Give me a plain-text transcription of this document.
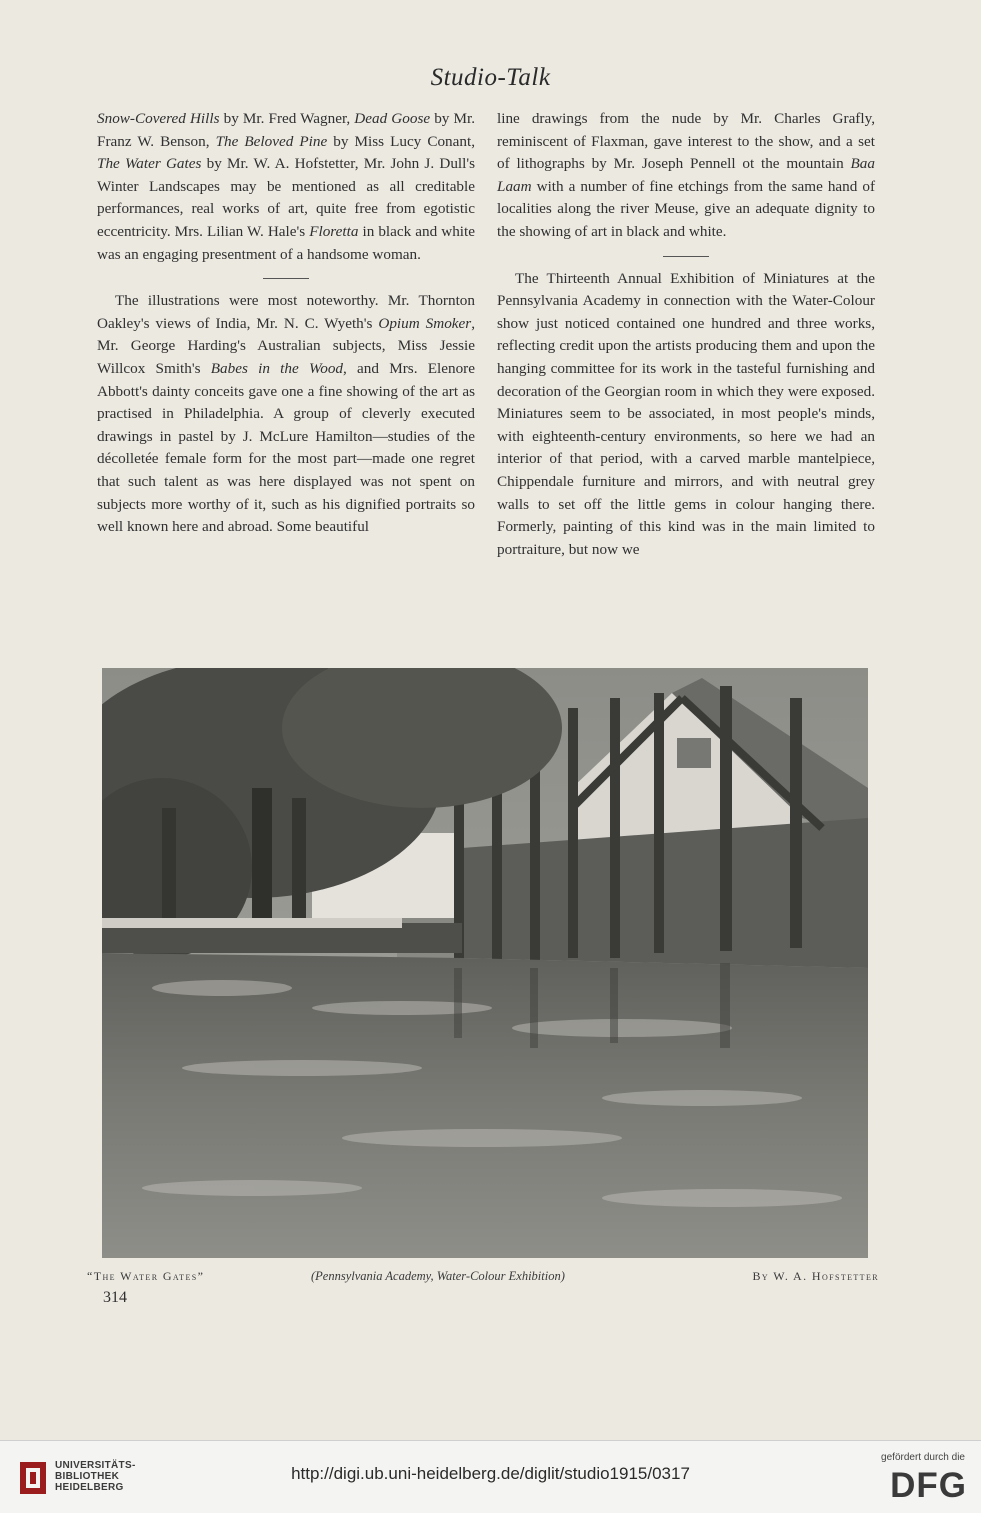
Studio-Talk

Snow-Covered Hills by Mr. Fred Wagner, Dead Goose by Mr. Franz W. Benson, The Beloved Pine by Miss Lucy Conant, The Water Gates by Mr. W. A. Hofstetter, Mr. John J. Dull's Winter Landscapes may be mentioned as all creditable performances, real works of art, quite free from egotistic eccentricity. Mrs. Lilian W. Hale's Floretta in black and white was an engaging presentment of a handsome woman.

The illustrations were most noteworthy. Mr. Thornton Oakley's views of India, Mr. N. C. Wyeth's Opium Smoker, Mr. George Harding's Australian subjects, Miss Jessie Willcox Smith's Babes in the Wood, and Mrs. Elenore Abbott's dainty conceits gave one a fine showing of the art as practised in Philadelphia. A group of cleverly executed drawings in pastel by J. McLure Hamilton—studies of the décolletée female form for the most part—made one regret that such talent as was here displayed was not spent on subjects more worthy of it, such as his dignified portraits so well known here and abroad. Some beautiful

line drawings from the nude by Mr. Charles Grafly, reminiscent of Flaxman, gave interest to the show, and a set of lithographs by Mr. Joseph Pennell ot the mountain Baa Laam with a number of fine etchings from the same hand of localities along the river Meuse, give an adequate dignity to the showing of art in black and white.

The Thirteenth Annual Exhibition of Miniatures at the Pennsylvania Academy in connection with the Water-Colour show just noticed contained one hundred and three works, reflecting credit upon the artists producing them and upon the hanging committee for its work in the tasteful furnishing and decoration of the Georgian room in which they were exposed. Miniatures seem to be associated, in most people's minds, with eighteenth-century environments, so here we had an interior of that period, with a carved marble mantelpiece, Chippendale furniture and mirrors, and with neutral grey walls to set off the little gems in colour hanging there. Formerly, painting of this kind was in the main limited to portraiture, but now we

“The Water Gates”	(Pennsylvania Academy, Water-Colour Exhibition)	By W. A. Hofstetter
314
UNIVERSITÄTS-
BIBLIOTHEK
HEIDELBERG
http://digi.ub.uni-heidelberg.de/diglit/studio1915/0317
gefördert durch die
DFG
